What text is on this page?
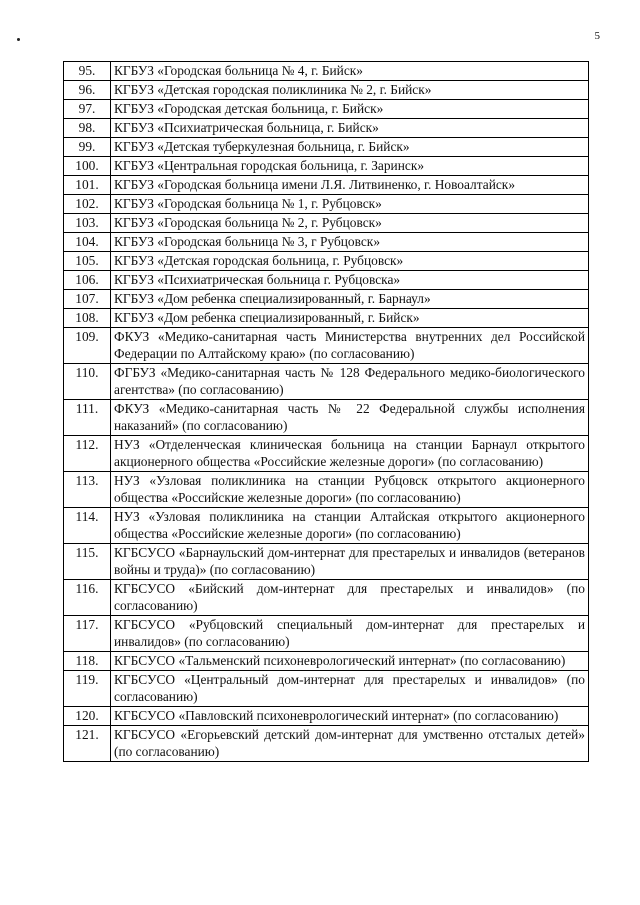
5
95.	КГБУЗ «Городская больница № 4, г. Бийск»
96.	КГБУЗ «Детская городская поликлиника № 2, г. Бийск»
97.	КГБУЗ «Городская детская больница, г. Бийск»
98.	КГБУЗ «Психиатрическая больница, г. Бийск»
99.	КГБУЗ «Детская туберкулезная больница, г. Бийск»
100.	КГБУЗ «Центральная городская больница, г. Заринск»
101.	КГБУЗ «Городская больница имени Л.Я. Литвиненко, г. Новоалтайск»
102.	КГБУЗ «Городская больница № 1, г. Рубцовск»
103.	КГБУЗ «Городская больница № 2, г. Рубцовск»
104.	КГБУЗ «Городская больница № 3, г Рубцовск»
105.	КГБУЗ «Детская городская больница, г. Рубцовск»
106.	КГБУЗ «Психиатрическая больница г. Рубцовска»
107.	КГБУЗ «Дом ребенка специализированный, г. Барнаул»
108.	КГБУЗ «Дом ребенка специализированный, г. Бийск»
109.	ФКУЗ «Медико-санитарная часть Министерства внутренних дел Российской Федерации по Алтайскому краю» (по согласованию)
110.	ФГБУЗ «Медико-санитарная часть № 128 Федерального медико-биологического агентства» (по согласованию)
111.	ФКУЗ «Медико-санитарная часть № 22 Федеральной службы исполнения наказаний» (по согласованию)
112.	НУЗ «Отделенческая клиническая больница на станции Барнаул открытого акционерного общества «Российские железные дороги» (по согласованию)
113.	НУЗ «Узловая поликлиника на станции Рубцовск открытого акционерного общества «Российские железные дороги» (по согласованию)
114.	НУЗ «Узловая поликлиника на станции Алтайская открытого акционерного общества «Российские железные дороги» (по согласованию)
115.	КГБСУСО «Барнаульский дом-интернат для престарелых и инвалидов (ветеранов войны и труда)» (по согласованию)
116.	КГБСУСО «Бийский дом-интернат для престарелых и инвалидов» (по согласованию)
117.	КГБСУСО «Рубцовский специальный дом-интернат для престарелых и инвалидов» (по согласованию)
118.	КГБСУСО «Тальменский психоневрологический интернат» (по согласованию)
119.	КГБСУСО «Центральный дом-интернат для престарелых и инвалидов» (по согласованию)
120.	КГБСУСО «Павловский психоневрологический интернат» (по согласованию)
121.	КГБСУСО «Егорьевский детский дом-интернат для умственно отсталых детей» (по согласованию)
